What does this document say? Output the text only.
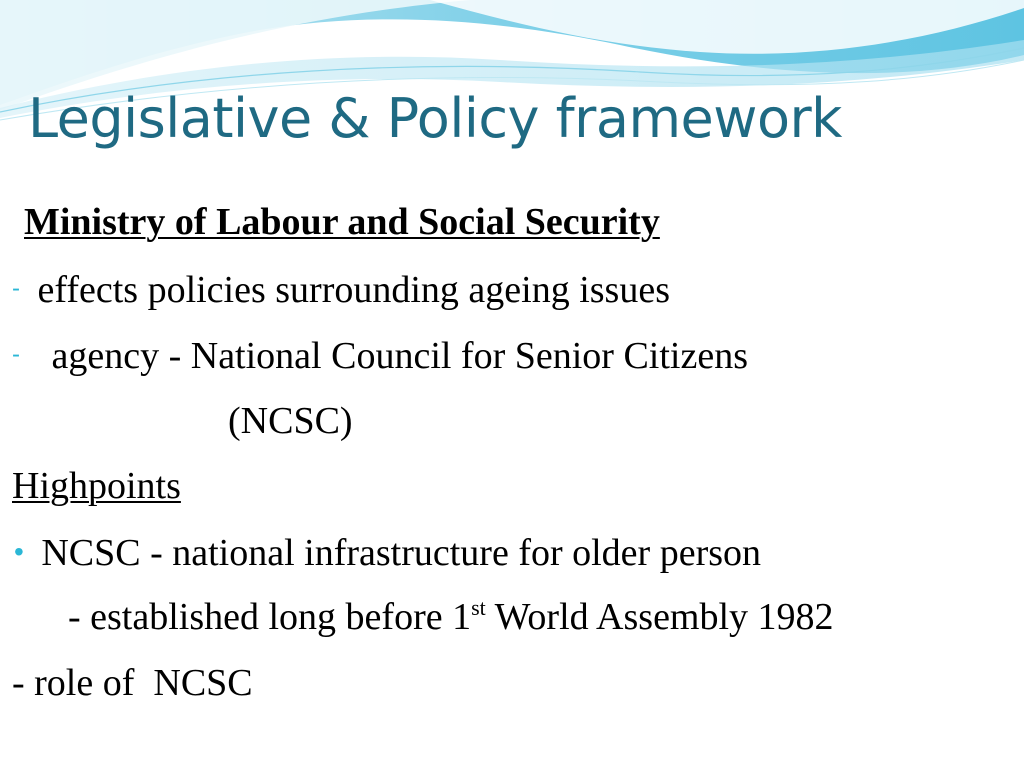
Legislative & Policy framework
Ministry of Labour and Social Security
- effects policies surrounding ageing issues
- agency - National Council for Senior Citizens
(NCSC)
Highpoints
• NCSC - national infrastructure for older person
- established long before 1st World Assembly 1982
- role of  NCSC
